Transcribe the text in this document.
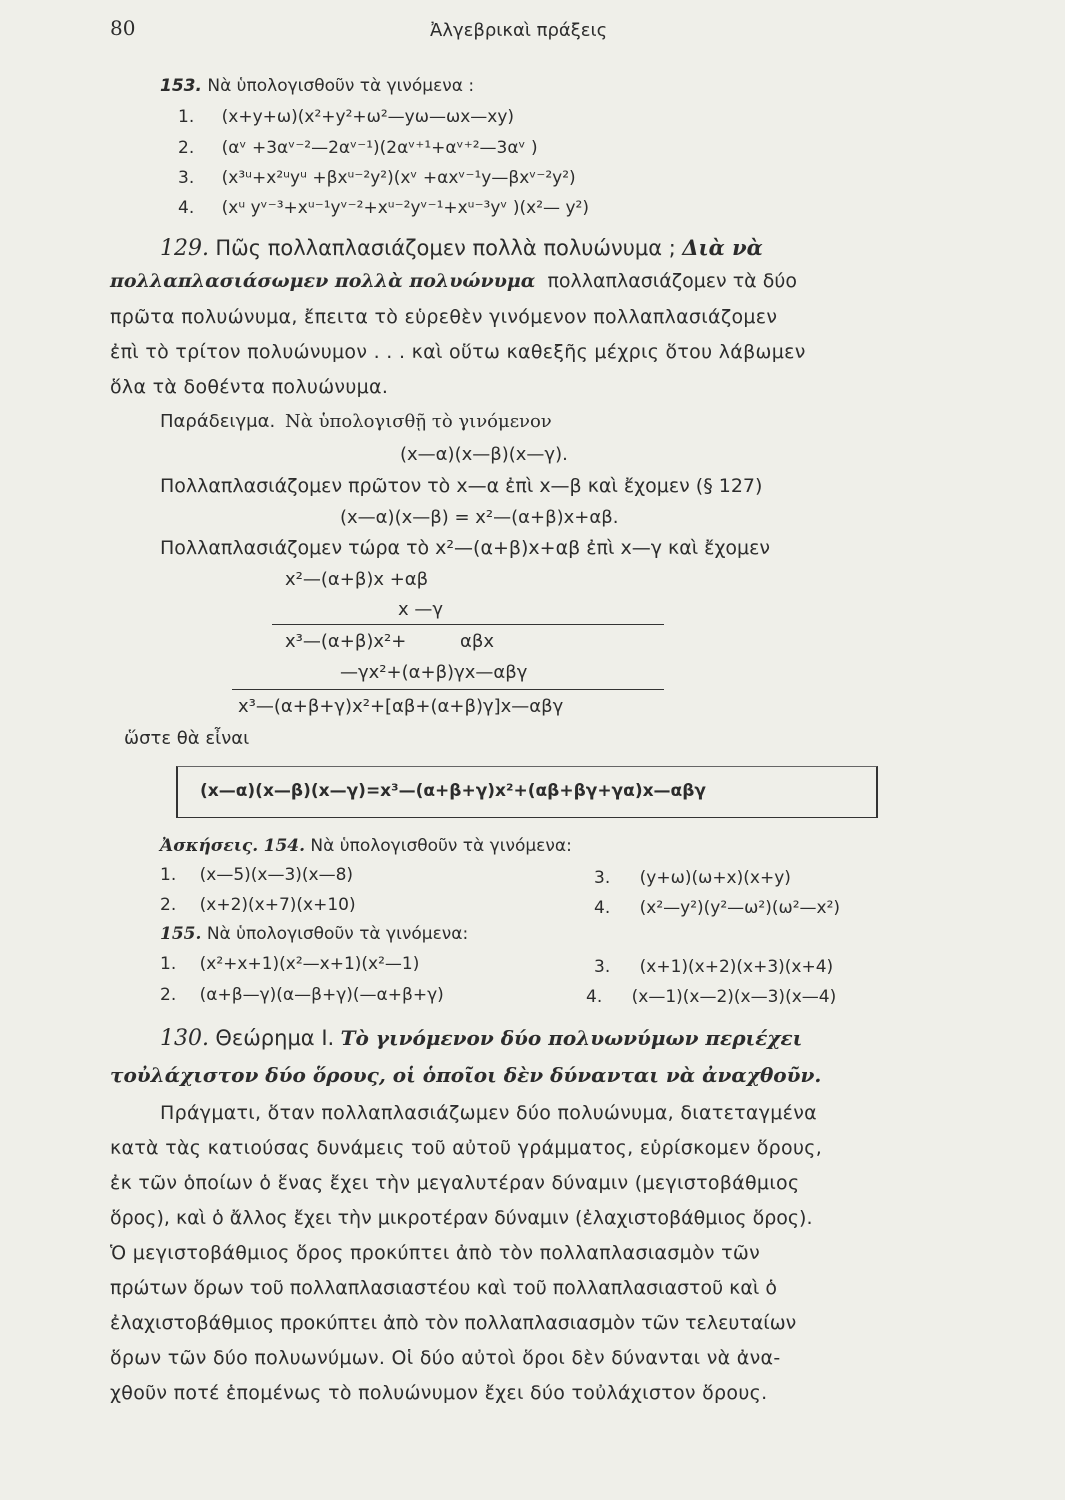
80	Ἀλγεβρικαὶ πράξεις
153. Νὰ ὑπολογισθοῦν τὰ γινόμενα :
1. (x+y+ω)(x²+y²+ω²—yω—ωx—xy)
2. (αᵛ +3αᵛ⁻²—2αᵛ⁻¹)(2αᵛ⁺¹+αᵛ⁺²—3αᵛ )
3. (x³ᵘ+x²ᵘyᵘ +βxᵘ⁻²y²)(xᵛ +αxᵛ⁻¹y—βxᵛ⁻²y²)
4. (xᵘ yᵛ⁻³+xᵘ⁻¹yᵛ⁻²+xᵘ⁻²yᵛ⁻¹+xᵘ⁻³yᵛ )(x²— y²)
129. Πῶς πολλαπλασιάζομεν πολλὰ πολυώνυμα ; Διὰ νὰ
πολλαπλασιάσωμεν πολλὰ πολυώνυμα πολλαπλασιάζομεν τὰ δύο
πρῶτα πολυώνυμα, ἔπειτα τὸ εὑρεθὲν γινόμενον πολλαπλασιάζομεν
ἐπὶ τὸ τρίτον πολυώνυμον . . . καὶ οὕτω καθεξῆς μέχρις ὅτου λάβωμεν
ὅλα τὰ δοθέντα πολυώνυμα.
Παράδειγμα. Νὰ ὑπολογισθῇ τὸ γινόμενον
(x—α)(x—β)(x—γ).
Πολλαπλασιάζομεν πρῶτον τὸ x—α ἐπὶ x—β καὶ ἔχομεν (§ 127)
(x—α)(x—β) = x²—(α+β)x+αβ.
Πολλαπλασιάζομεν τώρα τὸ x²—(α+β)x+αβ ἐπὶ x—γ καὶ ἔχομεν
x²—(α+β)x +αβ
x —γ
x³—(α+β)x²+	αβx
—γx²+(α+β)γx—αβγ
x³—(α+β+γ)x²+[αβ+(α+β)γ]x—αβγ
ὥστε θὰ εἶναι
(x—α)(x—β)(x—γ)=x³—(α+β+γ)x²+(αβ+βγ+γα)x—αβγ
Ἀσκήσεις. 154. Νὰ ὑπολογισθοῦν τὰ γινόμενα:
1. (x—5)(x—3)(x—8)	3. (y+ω)(ω+x)(x+y)
2. (x+2)(x+7)(x+10)	4. (x²—y²)(y²—ω²)(ω²—x²)
155. Νὰ ὑπολογισθοῦν τὰ γινόμενα:
1. (x²+x+1)(x²—x+1)(x²—1)	3. (x+1)(x+2)(x+3)(x+4)
2. (α+β—γ)(α—β+γ)(—α+β+γ)	4. (x—1)(x—2)(x—3)(x—4)
130. Θεώρημα I. Τὸ γινόμενον δύο πολυωνύμων περιέχει
τοὐλάχιστον δύο ὅρους, οἱ ὁποῖοι δὲν δύνανται νὰ ἀναχθοῦν.
Πράγματι, ὅταν πολλαπλασιάζωμεν δύο πολυώνυμα, διατεταγμένα
κατὰ τὰς κατιούσας δυνάμεις τοῦ αὐτοῦ γράμματος, εὑρίσκομεν ὅρους,
ἐκ τῶν ὁποίων ὁ ἕνας ἔχει τὴν μεγαλυτέραν δύναμιν (μεγιστοβάθμιος
ὅρος), καὶ ὁ ἄλλος ἔχει τὴν μικροτέραν δύναμιν (ἐλαχιστοβάθμιος ὅρος).
Ὁ μεγιστοβάθμιος ὅρος προκύπτει ἀπὸ τὸν πολλαπλασιασμὸν τῶν
πρώτων ὅρων τοῦ πολλαπλασιαστέου καὶ τοῦ πολλαπλασιαστοῦ καὶ ὁ
ἐλαχιστοβάθμιος προκύπτει ἀπὸ τὸν πολλαπλασιασμὸν τῶν τελευταίων
ὅρων τῶν δύο πολυωνύμων. Οἱ δύο αὐτοὶ ὅροι δὲν δύνανται νὰ ἀνα-
χθοῦν ποτέ ἑπομένως τὸ πολυώνυμον ἔχει δύο τοὐλάχιστον ὅρους.
